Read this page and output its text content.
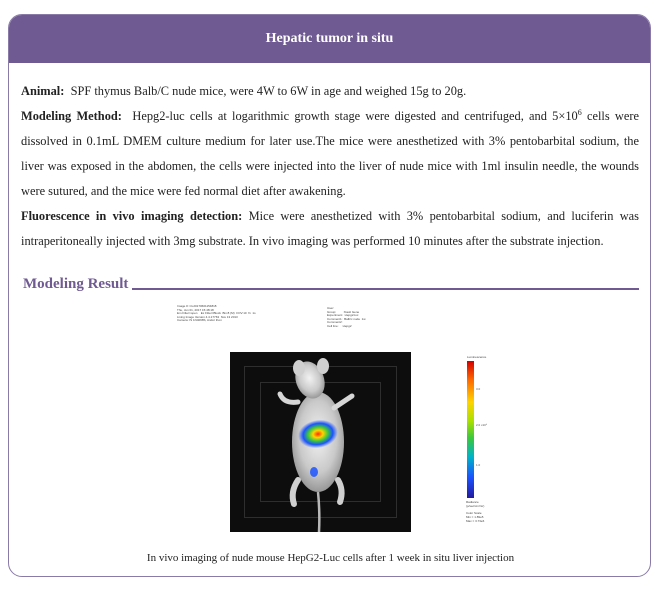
Hepatic tumor in situ

Animal: SPF thymus Balb/C nude mice, were 4W to 6W in age and weighed 15g to 20g.

Modeling Method: Hepg2-luc cells at logarithmic growth stage were digested and centrifuged, and $5\times 10^6$ cells were dissolved in 0.1mL DMEM culture medium for later use.The mice were anesthetized with 3% pentobarbital sodium, the liver was exposed in the abdomen, the cells were injected into the liver of nude mice with 1ml insulin needle, the wounds were sutured, and the mice were fed normal diet after awakening.

Fluorescence in vivo imaging detection: Mice were anesthetized with 3% pentobarbital sodium, and luciferin was intraperitoneally injected with 3mg substrate. In vivo imaging was performed 10 minutes after the substrate injection.

Modeling Result
Image #: CL20170601154818
Thu, Jun 01, 2017 15:48:18
Em Filter=open    Ex Filter=Block  Bin:8 (M)  FOV:10  f1  1s
Living Image Version 4.4.17763  Nov 13 2013
Camera: IS 1N4098S, Andor iKon
User:
Group:         Xiaoli Gene
Experiment:  Hepg2-luc
Comment1:  Balb/c nude  1w
Comment2:
Cell line:     Hepg2
Luminescence
3.0
2.0 x10⁶
1.0
Radiance
(p/sec/cm²/sr)

Color Scale
Min = 1.89e5
Max = 3.73e6
In vivo imaging of nude mouse HepG2-Luc cells after 1 week in situ liver injection
